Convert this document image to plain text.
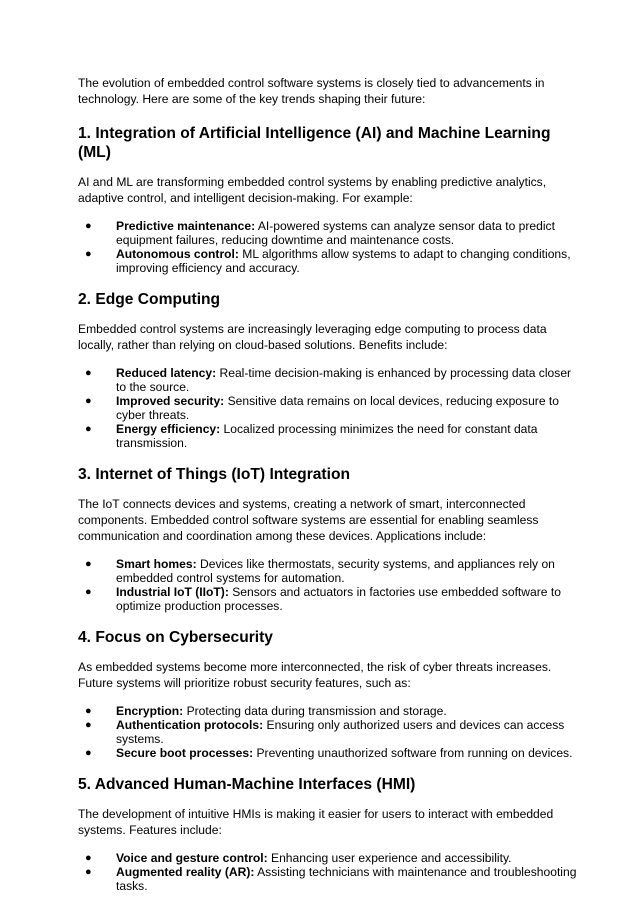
The evolution of embedded control software systems is closely tied to advancements in technology. Here are some of the key trends shaping their future:

1. Integration of Artificial Intelligence (AI) and Machine Learning (ML)

AI and ML are transforming embedded control systems by enabling predictive analytics, adaptive control, and intelligent decision-making. For example:

● Predictive maintenance: AI-powered systems can analyze sensor data to predict equipment failures, reducing downtime and maintenance costs.
● Autonomous control: ML algorithms allow systems to adapt to changing conditions, improving efficiency and accuracy.
2. Edge Computing

Embedded control systems are increasingly leveraging edge computing to process data locally, rather than relying on cloud-based solutions. Benefits include:

● Reduced latency: Real-time decision-making is enhanced by processing data closer to the source.
● Improved security: Sensitive data remains on local devices, reducing exposure to cyber threats.
● Energy efficiency: Localized processing minimizes the need for constant data transmission.
3. Internet of Things (IoT) Integration

The IoT connects devices and systems, creating a network of smart, interconnected components. Embedded control software systems are essential for enabling seamless communication and coordination among these devices. Applications include:

● Smart homes: Devices like thermostats, security systems, and appliances rely on embedded control systems for automation.
● Industrial IoT (IIoT): Sensors and actuators in factories use embedded software to optimize production processes.
4. Focus on Cybersecurity

As embedded systems become more interconnected, the risk of cyber threats increases. Future systems will prioritize robust security features, such as:

● Encryption: Protecting data during transmission and storage.
● Authentication protocols: Ensuring only authorized users and devices can access systems.
● Secure boot processes: Preventing unauthorized software from running on devices.
5. Advanced Human-Machine Interfaces (HMI)

The development of intuitive HMIs is making it easier for users to interact with embedded systems. Features include:

● Voice and gesture control: Enhancing user experience and accessibility.
● Augmented reality (AR): Assisting technicians with maintenance and troubleshooting tasks.
